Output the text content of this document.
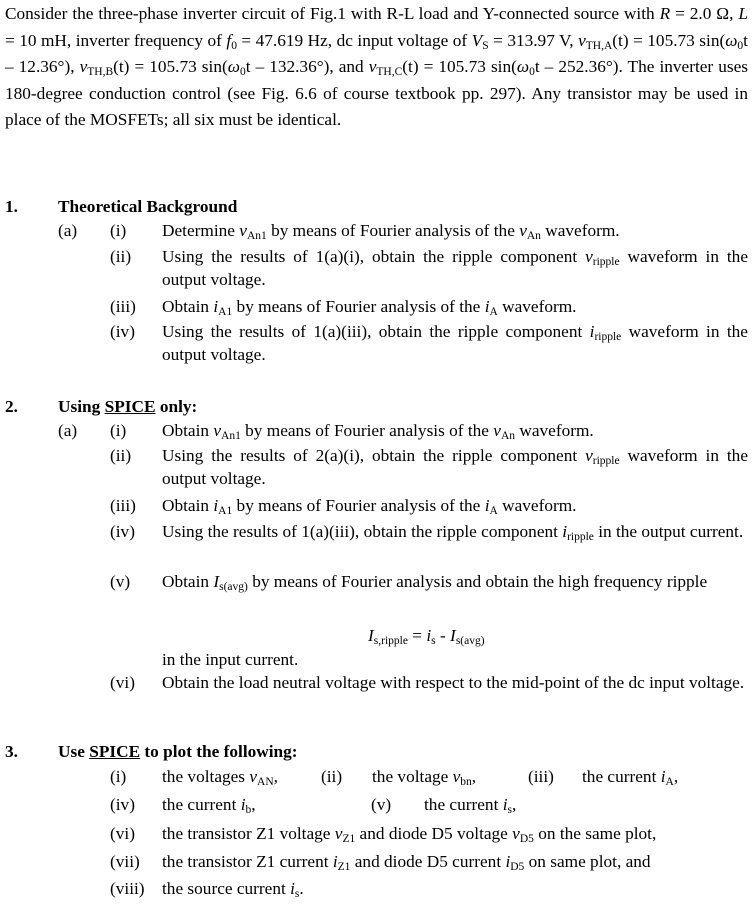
Consider the three-phase inverter circuit of Fig.1 with R-L load and Y-connected source with R = 2.0 Ω, L = 10 mH, inverter frequency of $f_0 = 47.619$ Hz, dc input voltage of $V_S = 313.97$ V, $v_{TH,A}(t) = 105.73$ $\sin(\omega_0t - 12.36^\circ)$, $v_{TH,B}(t) = 105.73$ $\sin(\omega_0t - 132.36^\circ)$, and $v_{TH,C}(t) = 105.73$ $\sin(\omega_0t - 252.36^\circ)$. The inverter uses 180-degree conduction control (see Fig. 6.6 of course textbook pp. 297). Any transistor may be used in place of the MOSFETs; all six must be identical.
1. Theoretical Background
(a) (i) Determine $v_{An1}$ by means of Fourier analysis of the $v_{An}$ waveform.
(ii) Using the results of 1(a)(i), obtain the ripple component $v_{ripple}$ waveform in the output voltage.
(iii) Obtain $i_{A1}$ by means of Fourier analysis of the $i_A$ waveform.
(iv) Using the results of 1(a)(iii), obtain the ripple component $i_{ripple}$ waveform in the output voltage.
2. Using SPICE only:
(a) (i) Obtain $v_{An1}$ by means of Fourier analysis of the $v_{An}$ waveform.
(ii) Using the results of 2(a)(i), obtain the ripple component $v_{ripple}$ waveform in the output voltage.
(iii) Obtain $i_{A1}$ by means of Fourier analysis of the $i_A$ waveform.
(iv) Using the results of 1(a)(iii), obtain the ripple component $i_{ripple}$ in the output current.
(v) Obtain $I_{s(avg)}$ by means of Fourier analysis and obtain the high frequency ripple
$I_{s,ripple} = i_s - I_{s(avg)}$
in the input current.
(vi) Obtain the load neutral voltage with respect to the mid-point of the dc input voltage.
3. Use SPICE to plot the following:
(i) the voltages $v_{AN}$, (ii) the voltage $v_{bn}$,	(iii) the current $i_A$,
(iv) the current $i_b$,	(v) the current $i_s$,
(vi) the transistor Z1 voltage $v_{Z1}$ and diode D5 voltage $v_{D5}$ on the same plot,
(vii) the transistor Z1 current $i_{Z1}$ and diode D5 current $i_{D5}$ on same plot, and
(viii) the source current $i_s$.
